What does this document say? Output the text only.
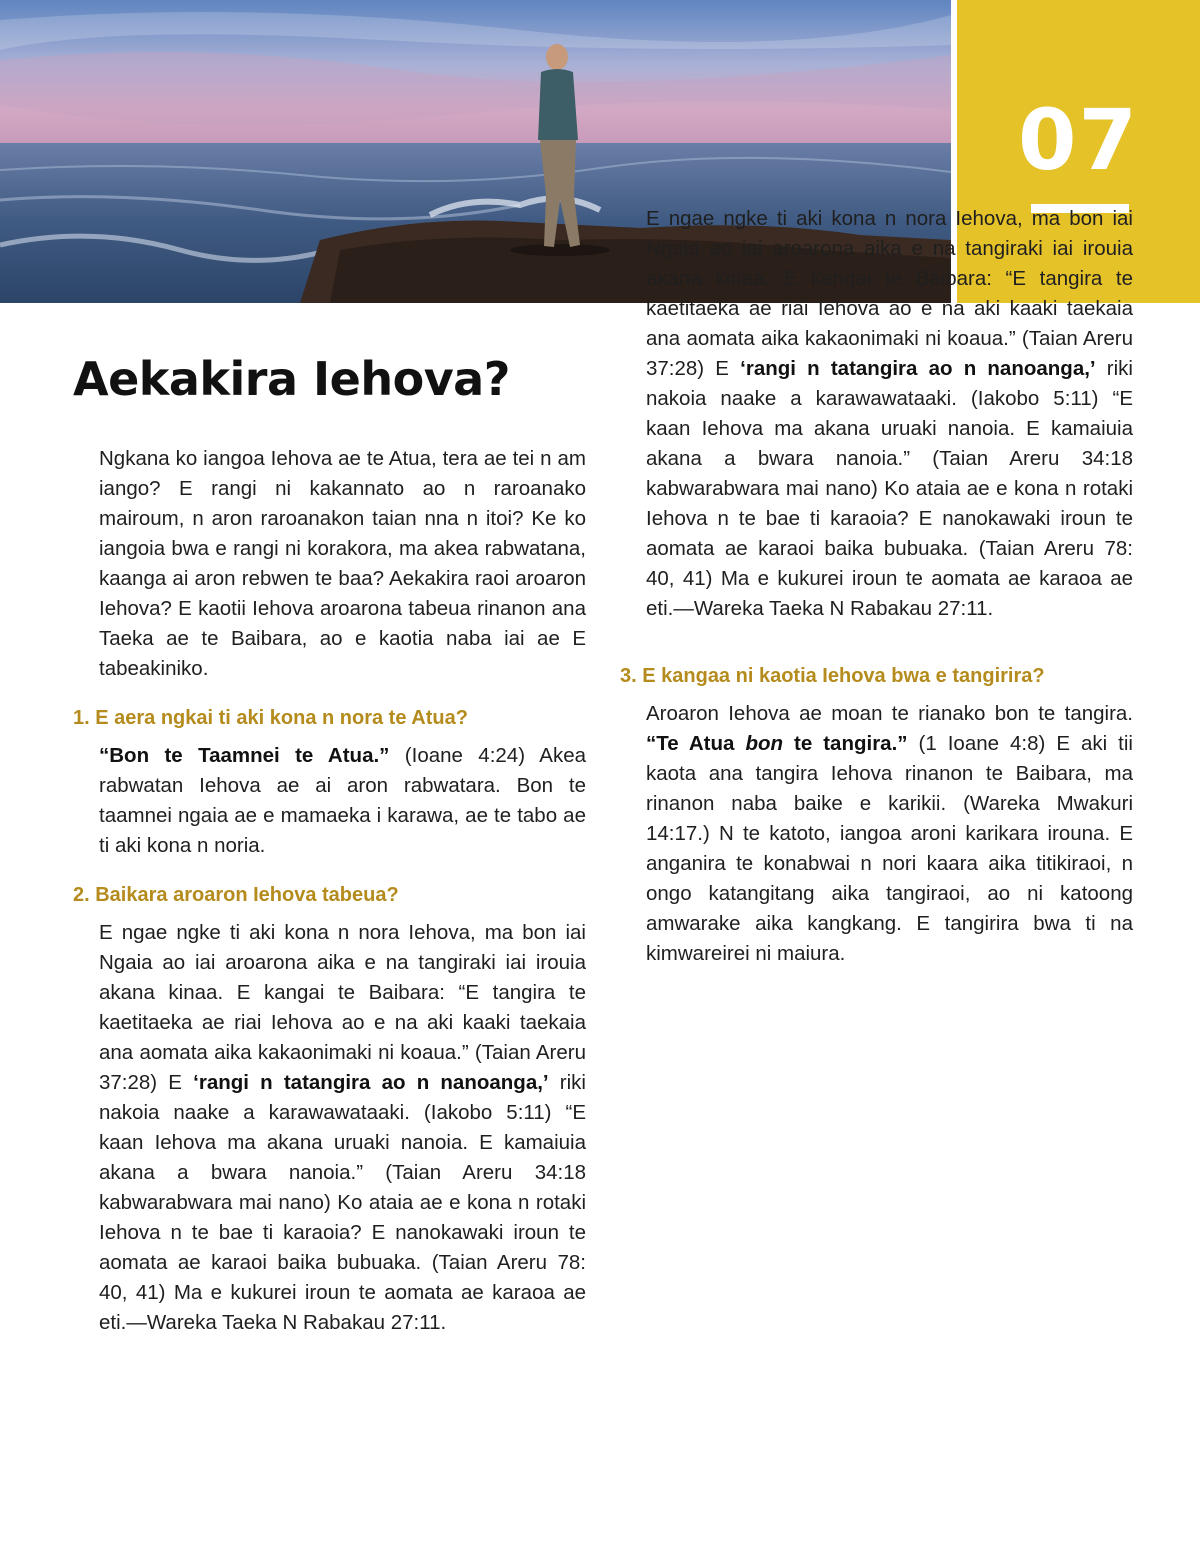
07
Aekakira Iehova?

Ngkana ko iangoa Iehova ae te Atua, tera ae tei n am iango? E rangi ni kakannato ao n raroanako mairoum, n aron raroanakon taian nna n itoi? Ke ko iangoia bwa e rangi ni korakora, ma akea rabwatana, kaanga ai aron rebwen te baa? Aekakira raoi aroaron Iehova? E kaotii Iehova aroarona tabeua rinanon ana Taeka ae te Baibara, ao e kaotia naba iai ae E tabeakiniko.

1. E aera ngkai ti aki kona n nora te Atua?

“Bon te Taamnei te Atua.” (Ioane 4:24) Akea rabwatan Iehova ae ai aron rabwatara. Bon te taamnei ngaia ae e mamaeka i karawa, ae te tabo ae ti aki kona n noria.

2. Baikara aroaron Iehova tabeua?

E ngae ngke ti aki kona n nora Iehova, ma bon iai Ngaia ao iai aroarona aika e na tangiraki iai irouia akana kinaa. E kangai te Baibara: “E tangira te kaetitaeka ae riai Iehova ao e na aki kaaki taekaia ana aomata aika kakaonimaki ni koaua.” (Taian Areru 37:28) E ‘rangi n tatangira ao n nanoanga,’ riki nakoia naake a karawawataaki. (Iakobo 5:11) “E kaan Iehova ma akana uruaki nanoia. E kamaiuia akana a bwara nanoia.” (Taian Areru 34:18 kabwarabwara mai nano) Ko ataia ae e kona n rotaki Iehova n te bae ti karaoia? E nanokawaki iroun te aomata ae karaoi baika bubuaka. (Taian Areru 78: 40, 41) Ma e kukurei iroun te aomata ae karaoa ae eti.—Wareka Taeka N Rabakau 27:11.

3. E kangaa ni kaotia Iehova bwa e tangirira?

Aroaron Iehova ae moan te rianako bon te tangira. “Te Atua bon te tangira.” (1 Ioane 4:8) E aki tii kaota ana tangira Iehova rinanon te Baibara, ma rinanon naba baike e karikii. (Wareka Mwakuri 14:17.) N te katoto, iangoa aroni karikara irouna. E anganira te konabwai n nori kaara aika titikiraoi, n ongo katangitang aika tangiraoi, ao ni katoong amwarake aika kangkang. E tangirira bwa ti na kimwareirei ni maiura.

E ngae ngke ti aki kona n nora Iehova, ma bon iai Ngaia ao iai aroarona aika e na tangiraki iai irouia akana kinaa. E kangai te Baibara: “E tangira te kaetitaeka ae riai Iehova ao e na aki kaaki taekaia ana aomata aika kakaonimaki ni koaua.” (Taian Areru 37:28) E ‘rangi n tatangira ao n nanoanga,’ riki nakoia naake a karawawataaki. (Iakobo 5:11) “E kaan Iehova ma akana uruaki nanoia. E kamaiuia akana a bwara nanoia.” (Taian Areru 34:18 kabwarabwara mai nano) Ko ataia ae e kona n rotaki Iehova n te bae ti karaoia? E nanokawaki iroun te aomata ae karaoi baika bubuaka. (Taian Areru 78: 40, 41) Ma e kukurei iroun te aomata ae karaoa ae eti.—Wareka Taeka N Rabakau 27:11.
